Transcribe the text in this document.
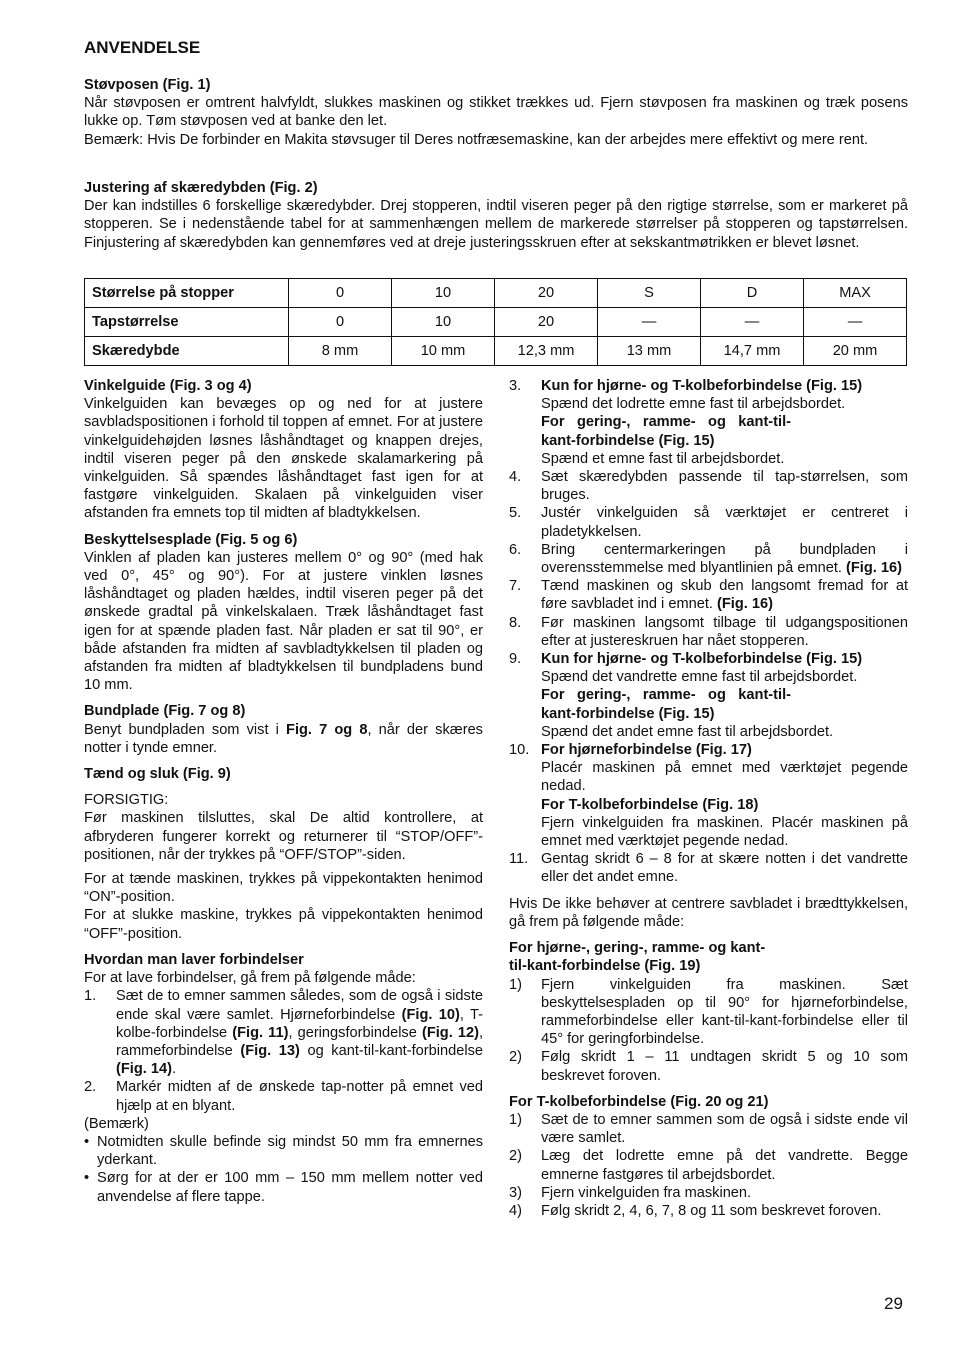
ANVENDELSE
Støvposen (Fig. 1)

Når støvposen er omtrent halvfyldt, slukkes maskinen og stikket trækkes ud. Fjern støvposen fra maskinen og træk posens lukke op. Tøm støvposen ved at banke den let.

Bemærk: Hvis De forbinder en Makita støvsuger til Deres notfræsemaskine, kan der arbejdes mere effektivt og mere rent.

Justering af skæredybden (Fig. 2)

Der kan indstilles 6 forskellige skæredybder. Drej stopperen, indtil viseren peger på den rigtige størrelse, som er markeret på stopperen. Se i nedenstående tabel for at sammenhængen mellem de markerede størrelser på stopperen og tapstørrelsen. Finjustering af skæredybden kan gennemføres ved at dreje justeringsskruen efter at sekskantmøtrikken er blevet løsnet.

Størrelse på stopper	0	10	20	S	D	MAX
Tapstørrelse	0	10	20	—	—	—
Skæredybde	8 mm	10 mm	12,3 mm	13 mm	14,7 mm	20 mm
Vinkelguide (Fig. 3 og 4)

Vinkelguiden kan bevæges op og ned for at justere savbladspositionen i forhold til toppen af emnet. For at justere vinkelguidehøjden løsnes låshåndtaget og knappen drejes, indtil viseren peger på den ønskede skalamarkering på vinkelguiden. Så spændes låshåndtaget fast igen for at fastgøre vinkelguiden. Skalaen på vinkelguiden viser afstanden fra emnets top til midten af bladtykkelsen.

Beskyttelsesplade (Fig. 5 og 6)

Vinklen af pladen kan justeres mellem 0° og 90° (med hak ved 0°, 45° og 90°). For at justere vinklen løsnes låshåndtaget og pladen hældes, indtil viseren peger på det ønskede gradtal på vinkelskalaen. Træk låshåndtaget fast igen for at spænde pladen fast. Når pladen er sat til 90°, er både afstanden fra midten af savbladtykkelsen til pladen og afstanden fra midten af bladtykkelsen til bundpladens bund 10 mm.

Bundplade (Fig. 7 og 8)

Benyt bundpladen som vist i Fig. 7 og 8, når der skæres notter i tynde emner.

Tænd og sluk (Fig. 9)

FORSIGTIG:

Før maskinen tilsluttes, skal De altid kontrollere, at afbryderen fungerer korrekt og returnerer til “STOP/OFF”-positionen, når der trykkes på “OFF/STOP”-siden.

For at tænde maskinen, trykkes på vippekontakten henimod “ON”-position.

For at slukke maskine, trykkes på vippekontakten henimod “OFF”-position.

Hvordan man laver forbindelser

For at lave forbindelser, gå frem på følgende måde:

1.	Sæt de to emner sammen således, som de også i sidste ende skal være samlet. Hjørneforbindelse (Fig. 10), T-kolbe-forbindelse (Fig. 11), geringsforbindelse (Fig. 12), rammeforbindelse (Fig. 13) og kant-til-kant-forbindelse (Fig. 14).
2.	Markér midten af de ønskede tap-notter på emnet ved hjælp at en blyant.

(Bemærk)

• Notmidten skulle befinde sig mindst 50 mm fra emnernes yderkant.
• Sørg for at der er 100 mm – 150 mm mellem notter ved anvendelse af flere tappe.
3.	Kun for hjørne- og T-kolbeforbindelse (Fig. 15)
Spænd det lodrette emne fast til arbejdsbordet.
For gering-, ramme- og kant-til-kant-forbindelse (Fig. 15)
Spænd et emne fast til arbejdsbordet.
4.	Sæt skæredybden passende til tap-størrelsen, som bruges.
5.	Justér vinkelguiden så værktøjet er centreret i pladetykkelsen.
6.	Bring centermarkeringen på bundpladen i overensstemmelse med blyantlinien på emnet. (Fig. 16)
7.	Tænd maskinen og skub den langsomt fremad for at føre savbladet ind i emnet. (Fig. 16)
8.	Før maskinen langsomt tilbage til udgangspositionen efter at justereskruen har nået stopperen.
9.	Kun for hjørne- og T-kolbeforbindelse (Fig. 15)
Spænd det vandrette emne fast til arbejdsbordet.
For gering-, ramme- og kant-til-kant-forbindelse (Fig. 15)
Spænd det andet emne fast til arbejdsbordet.
10. For hjørneforbindelse (Fig. 17)
Placér maskinen på emnet med værktøjet pegende nedad.
For T-kolbeforbindelse (Fig. 18)
Fjern vinkelguiden fra maskinen. Placér maskinen på emnet med værktøjet pegende nedad.
11. Gentag skridt 6 – 8 for at skære notten i det vandrette eller det andet emne.

Hvis De ikke behøver at centrere savbladet i brædttykkelsen, gå frem på følgende måde:

For hjørne-, gering-, ramme- og kant-til-kant-forbindelse (Fig. 19)
1)	Fjern vinkelguiden fra maskinen. Sæt beskyttelsespladen op til 90° for hjørneforbindelse, rammeforbindelse eller kant-til-kant-forbindelse eller til 45° for geringforbindelse.
2)	Følg skridt 1 – 11 undtagen skridt 5 og 10 som beskrevet foroven.
For T-kolbeforbindelse (Fig. 20 og 21)
1)	Sæt de to emner sammen som de også i sidste ende vil være samlet.
2)	Læg det lodrette emne på det vandrette. Begge emnerne fastgøres til arbejdsbordet.
3)	Fjern vinkelguiden fra maskinen.
4)	Følg skridt 2, 4, 6, 7, 8 og 11 som beskrevet foroven.
29
